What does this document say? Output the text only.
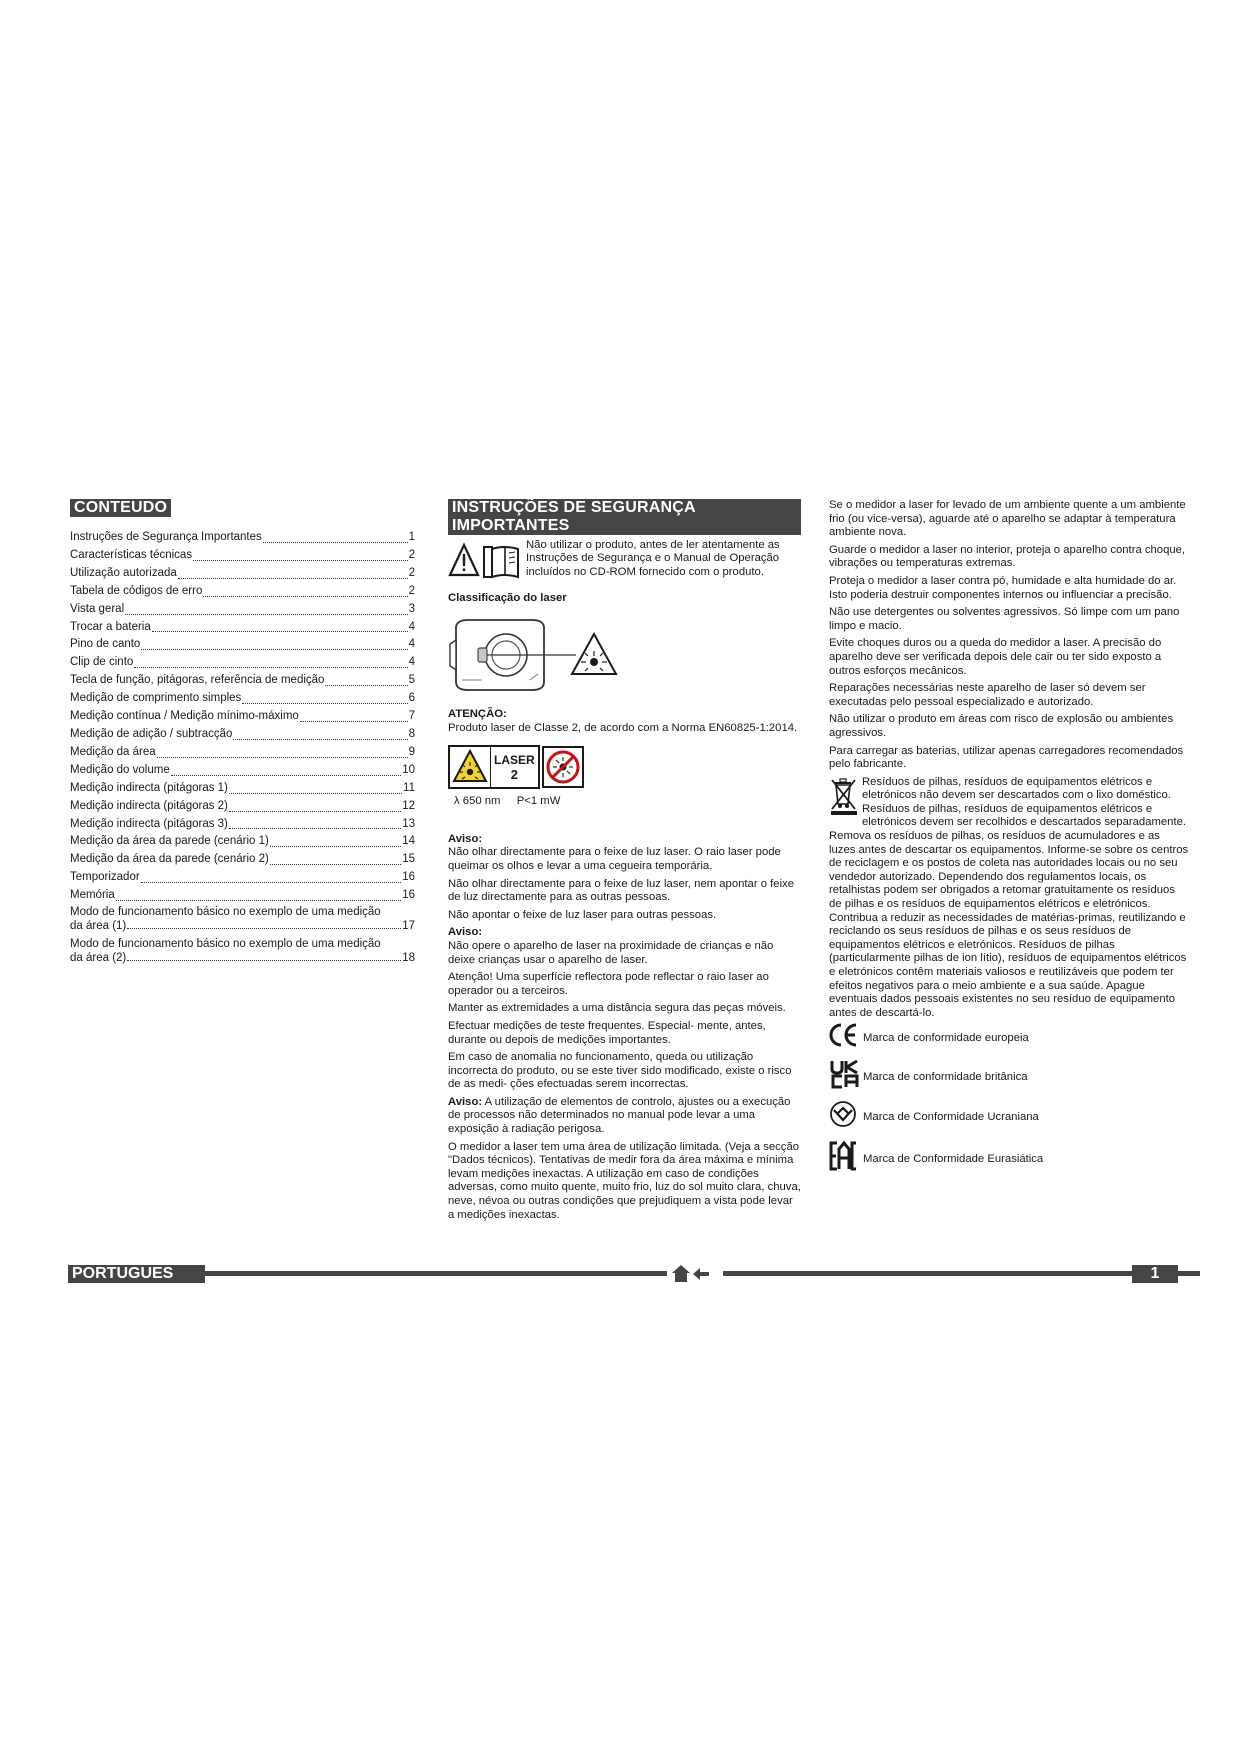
CONTEUDO
Instruções de Segurança Importantes	1
Características técnicas	2
Utilização autorizada	2
Tabela de códigos de erro	2
Vista geral	3
Trocar a bateria	4
Pino de canto	4
Clip de cinto	4
Tecla de função, pitágoras, referência de medição	5
Medição de comprimento simples	6
Medição contínua / Medição mínimo-máximo	7
Medição de adição / subtracção	8
Medição da área	9
Medição do volume	10
Medição indirecta (pitágoras 1)	11
Medição indirecta (pitágoras 2)	12
Medição indirecta (pitágoras 3)	13
Medição da área da parede (cenário 1)	14
Medição da área da parede (cenário 2)	15
Temporizador	16
Memória	16
Modo de funcionamento básico no exemplo de uma medição
da área (1)	17
Modo de funcionamento básico no exemplo de uma medição
da área (2)	18
INSTRUÇÕES DE SEGURANÇA IMPORTANTES
Não utilizar o produto, antes de ler atentamente as Instruções de Segurança e o Manual de Operação incluídos no CD-ROM fornecido com o produto.
Classificação do laser
ATENÇÃO:
Produto laser de Classe 2, de acordo com a Norma EN60825-1:2014.
LASER
2
λ 650 nm P<1 mW
Aviso:

Não olhar directamente para o feixe de luz laser. O raio laser pode queimar os olhos e levar a uma cegueira temporária.

Não olhar directamente para o feixe de luz laser, nem apontar o feixe de luz directamente para as outras pessoas.

Não apontar o feixe de luz laser para outras pessoas.

Aviso:

Não opere o aparelho de laser na proximidade de crianças e não deixe crianças usar o aparelho de laser.

Atenção! Uma superfície reflectora pode reflectar o raio laser ao operador ou a terceiros.

Manter as extremidades a uma distância segura das peças móveis.

Efectuar medições de teste frequentes. Especial- mente, antes, durante ou depois de medições importantes.

Em caso de anomalia no funcionamento, queda ou utilização incorrecta do produto, ou se este tiver sido modificado, existe o risco de as medi- ções efectuadas serem incorrectas.

Aviso: A utilização de elementos de controlo, ajustes ou a execução de processos não determinados no manual pode levar a uma exposição à radiação perigosa.

O medidor a laser tem uma área de utilização limitada. (Veja a secção "Dados técnicos). Tentativas de medir fora da área máxima e mínima levam medições inexactas. A utilização em caso de condições adversas, como muito quente, muito frio, luz do sol muito clara, chuva, neve, névoa ou outras condições que prejudiquem a vista pode levar a medições inexactas.

Se o medidor a laser for levado de um ambiente quente a um ambiente frio (ou vice-versa), aguarde até o aparelho se adaptar à temperatura ambiente nova.

Guarde o medidor a laser no interior, proteja o aparelho contra choque, vibrações ou temperaturas extremas.

Proteja o medidor a laser contra pó, humidade e alta humidade do ar. Isto poderia destruir componentes internos ou influenciar a precisão.

Não use detergentes ou solventes agressivos. Só limpe com um pano limpo e macio.

Evite choques duros ou a queda do medidor a laser. A precisão do aparelho deve ser verificada depois dele cair ou ter sido exposto a outros esforços mecânicos.

Reparações necessárias neste aparelho de laser só devem ser executadas pelo pessoal especializado e autorizado.

Não utilizar o produto em áreas com risco de explosão ou ambientes agressivos.

Para carregar as baterias, utilizar apenas carregadores recomendados pelo fabricante.

Resíduos de pilhas, resíduos de equipamentos elétricos e eletrónicos não devem ser descartados com o lixo doméstico. Resíduos de pilhas, resíduos de equipamentos elétricos e eletrónicos devem ser recolhidos e descartados separadamente.
Remova os resíduos de pilhas, os resíduos de acumuladores e as luzes antes de descartar os equipamentos. Informe-se sobre os centros de reciclagem e os postos de coleta nas autoridades locais ou no seu vendedor autorizado. Dependendo dos regulamentos locais, os retalhistas podem ser obrigados a retomar gratuitamente os resíduos de pilhas e os resíduos de equipamentos elétricos e eletrónicos. Contribua a reduzir as necessidades de matérias-primas, reutilizando e reciclando os seus resíduos de pilhas e os seus resíduos de equipamentos elétricos e eletrónicos. Resíduos de pilhas (particularmente pilhas de ion lítio), resíduos de equipamentos elétricos e eletrónicos contêm materiais valiosos e reutilizáveis que podem ter efeitos negativos para o meio ambiente e a sua saúde. Apague eventuais dados pessoais existentes no seu resíduo de equipamento antes de descartá-lo.
Marca de conformidade europeia
Marca de conformidade britânica
Marca de Conformidade Ucraniana
Marca de Conformidade Eurasiática
PORTUGUES	1
